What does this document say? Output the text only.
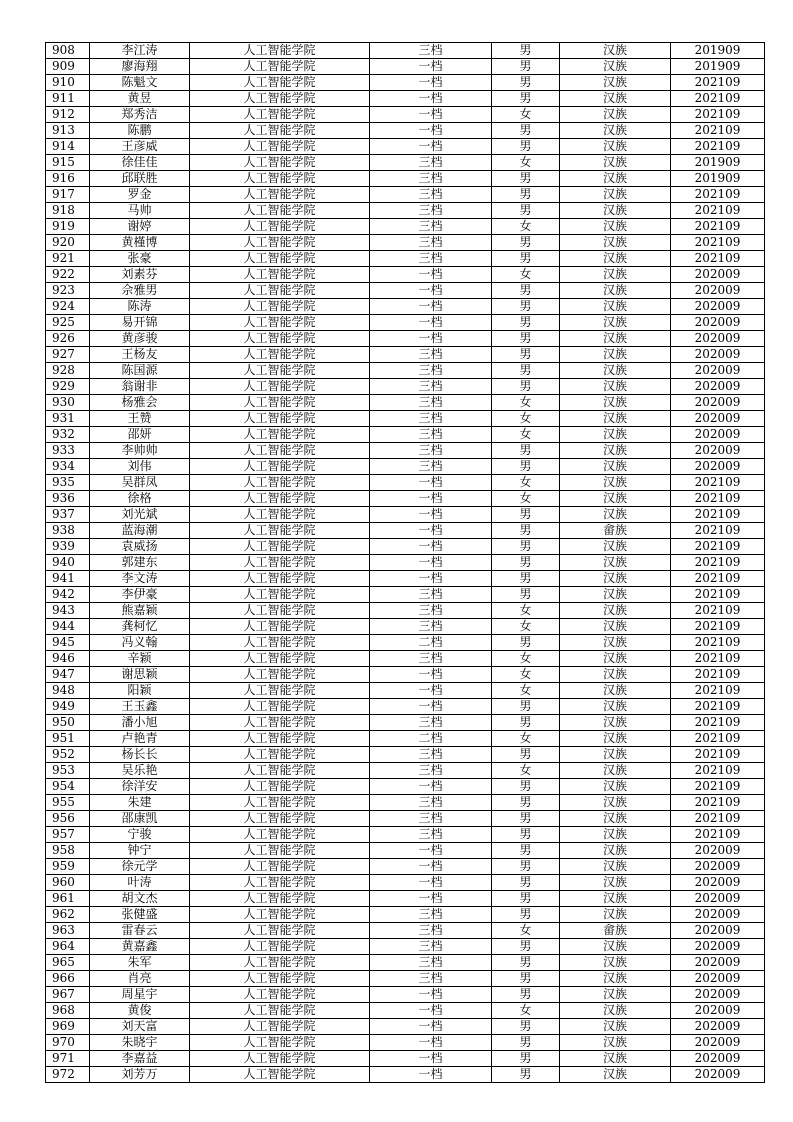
908	李江涛	人工智能学院	三档	男	汉族	201909
909	廖海翔	人工智能学院	一档	男	汉族	201909
910	陈魁文	人工智能学院	一档	男	汉族	202109
911	黄昱	人工智能学院	一档	男	汉族	202109
912	郑秀洁	人工智能学院	一档	女	汉族	202109
913	陈鹏	人工智能学院	一档	男	汉族	202109
914	王彦威	人工智能学院	一档	男	汉族	202109
915	徐佳佳	人工智能学院	三档	女	汉族	201909
916	邱联胜	人工智能学院	三档	男	汉族	201909
917	罗金	人工智能学院	三档	男	汉族	202109
918	马帅	人工智能学院	三档	男	汉族	202109
919	谢婷	人工智能学院	三档	女	汉族	202109
920	黄槿博	人工智能学院	三档	男	汉族	202109
921	张豪	人工智能学院	三档	男	汉族	202109
922	刘素芬	人工智能学院	一档	女	汉族	202009
923	佘雅男	人工智能学院	一档	男	汉族	202009
924	陈涛	人工智能学院	一档	男	汉族	202009
925	易开锦	人工智能学院	一档	男	汉族	202009
926	黄彦骏	人工智能学院	一档	男	汉族	202009
927	王杨友	人工智能学院	三档	男	汉族	202009
928	陈国源	人工智能学院	三档	男	汉族	202009
929	翁谢非	人工智能学院	三档	男	汉族	202009
930	杨雅会	人工智能学院	三档	女	汉族	202009
931	王赞	人工智能学院	三档	女	汉族	202009
932	邵妍	人工智能学院	三档	女	汉族	202009
933	李帅帅	人工智能学院	三档	男	汉族	202009
934	刘伟	人工智能学院	三档	男	汉族	202009
935	吴群凤	人工智能学院	一档	女	汉族	202109
936	徐格	人工智能学院	一档	女	汉族	202109
937	刘光斌	人工智能学院	一档	男	汉族	202109
938	蓝海潮	人工智能学院	一档	男	畲族	202109
939	袁威扬	人工智能学院	一档	男	汉族	202109
940	郭建东	人工智能学院	一档	男	汉族	202109
941	李文涛	人工智能学院	一档	男	汉族	202109
942	李伊豪	人工智能学院	三档	男	汉族	202109
943	熊嘉颖	人工智能学院	三档	女	汉族	202109
944	龚柯忆	人工智能学院	三档	女	汉族	202109
945	冯义翰	人工智能学院	二档	男	汉族	202109
946	辛颖	人工智能学院	三档	女	汉族	202109
947	谢思颖	人工智能学院	一档	女	汉族	202109
948	阳颖	人工智能学院	一档	女	汉族	202109
949	王玉鑫	人工智能学院	一档	男	汉族	202109
950	潘小旭	人工智能学院	三档	男	汉族	202109
951	卢艳青	人工智能学院	二档	女	汉族	202109
952	杨长长	人工智能学院	三档	男	汉族	202109
953	吴乐艳	人工智能学院	三档	女	汉族	202109
954	徐洋安	人工智能学院	一档	男	汉族	202109
955	朱建	人工智能学院	三档	男	汉族	202109
956	邵康凯	人工智能学院	三档	男	汉族	202109
957	宁骏	人工智能学院	三档	男	汉族	202109
958	钟宁	人工智能学院	一档	男	汉族	202009
959	徐元学	人工智能学院	一档	男	汉族	202009
960	叶涛	人工智能学院	一档	男	汉族	202009
961	胡文杰	人工智能学院	一档	男	汉族	202009
962	张健盛	人工智能学院	三档	男	汉族	202009
963	雷春云	人工智能学院	三档	女	畲族	202009
964	黄嘉鑫	人工智能学院	三档	男	汉族	202009
965	朱军	人工智能学院	三档	男	汉族	202009
966	肖亮	人工智能学院	三档	男	汉族	202009
967	周星宇	人工智能学院	一档	男	汉族	202009
968	黄俊	人工智能学院	一档	女	汉族	202009
969	刘天富	人工智能学院	一档	男	汉族	202009
970	朱晓宇	人工智能学院	一档	男	汉族	202009
971	李嘉益	人工智能学院	一档	男	汉族	202009
972	刘芳万	人工智能学院	一档	男	汉族	202009
